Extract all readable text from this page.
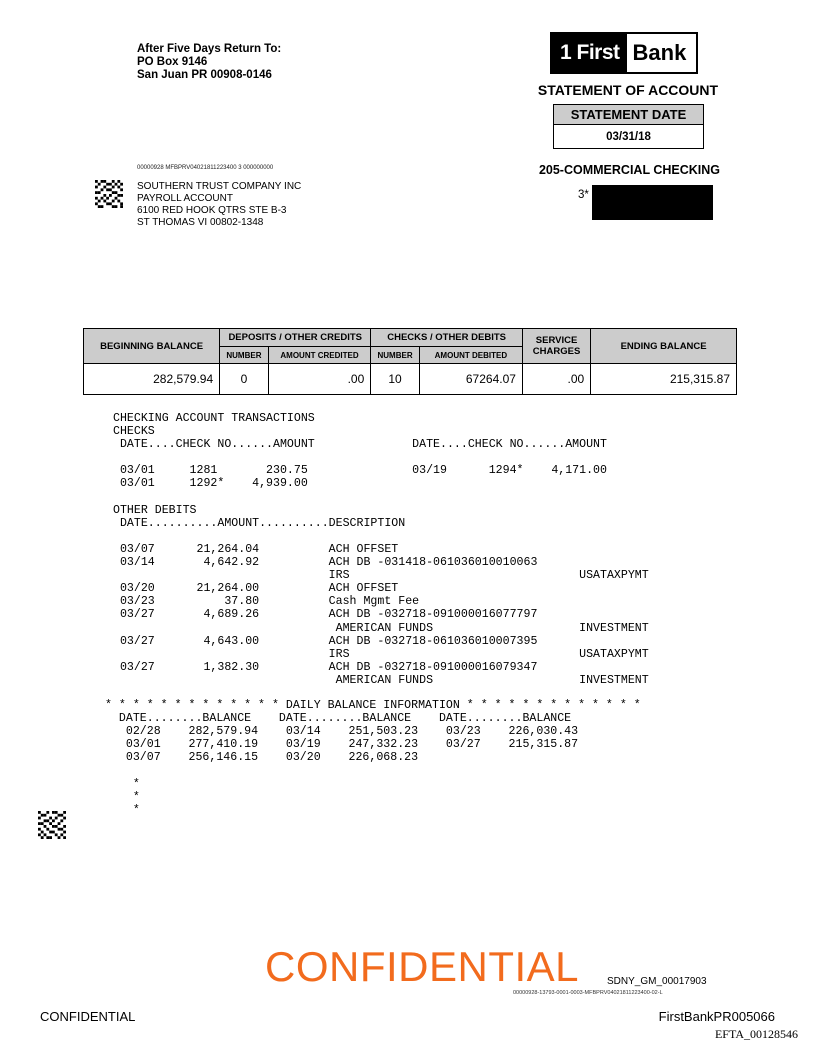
After Five Days Return To:
PO Box 9146
San Juan PR 00908-0146
1 First Bank
STATEMENT OF ACCOUNT
STATEMENT DATE
03/31/18
205-COMMERCIAL CHECKING
3*
00000928 MFBPRV04021811223400 3 000000000
SOUTHERN TRUST COMPANY INC
PAYROLL ACCOUNT
6100 RED HOOK QTRS STE B-3
ST THOMAS VI 00802-1348
BEGINNING BALANCE	DEPOSITS / OTHER CREDITS		CHECKS / OTHER DEBITS		SERVICE CHARGES	ENDING BALANCE
	NUMBER	AMOUNT CREDITED	NUMBER	AMOUNT DEBITED		
282,579.94	0	.00	10	67264.07	.00	215,315.87
CHECKING ACCOUNT TRANSACTIONS
CHECKS
DATE....CHECK NO......AMOUNT              DATE....CHECK NO......AMOUNT

03/01     1281       230.75               03/19      1294*    4,171.00
03/01     1292*    4,939.00

OTHER DEBITS
DATE..........AMOUNT..........DESCRIPTION

03/07      21,264.04          ACH OFFSET
03/14       4,642.92          ACH DB -031418-061036010010063
IRS                                 USATAXPYMT
03/20      21,264.00          ACH OFFSET
03/23          37.80          Cash Mgmt Fee
03/27       4,689.26          ACH DB -032718-091000016077797
AMERICAN FUNDS                     INVESTMENT
03/27       4,643.00          ACH DB -032718-061036010007395
IRS                                 USATAXPYMT
03/27       1,382.30          ACH DB -032718-091000016079347
AMERICAN FUNDS                     INVESTMENT
* * * * * * * * * * * * * DAILY BALANCE INFORMATION * * * * * * * * * * * * *
DATE........BALANCE    DATE........BALANCE    DATE........BALANCE
02/28    282,579.94    03/14    251,503.23    03/23    226,030.43
03/01    277,410.19    03/19    247,332.23    03/27    215,315.87
03/07    256,146.15    03/20    226,068.23

*
*
*
CONFIDENTIAL	SDNY_GM_00017903
00000928-13793-0001-0003-MFBPRV04021811223400-02-L
CONFIDENTIAL	FirstBankPR005066
EFTA_00128546
